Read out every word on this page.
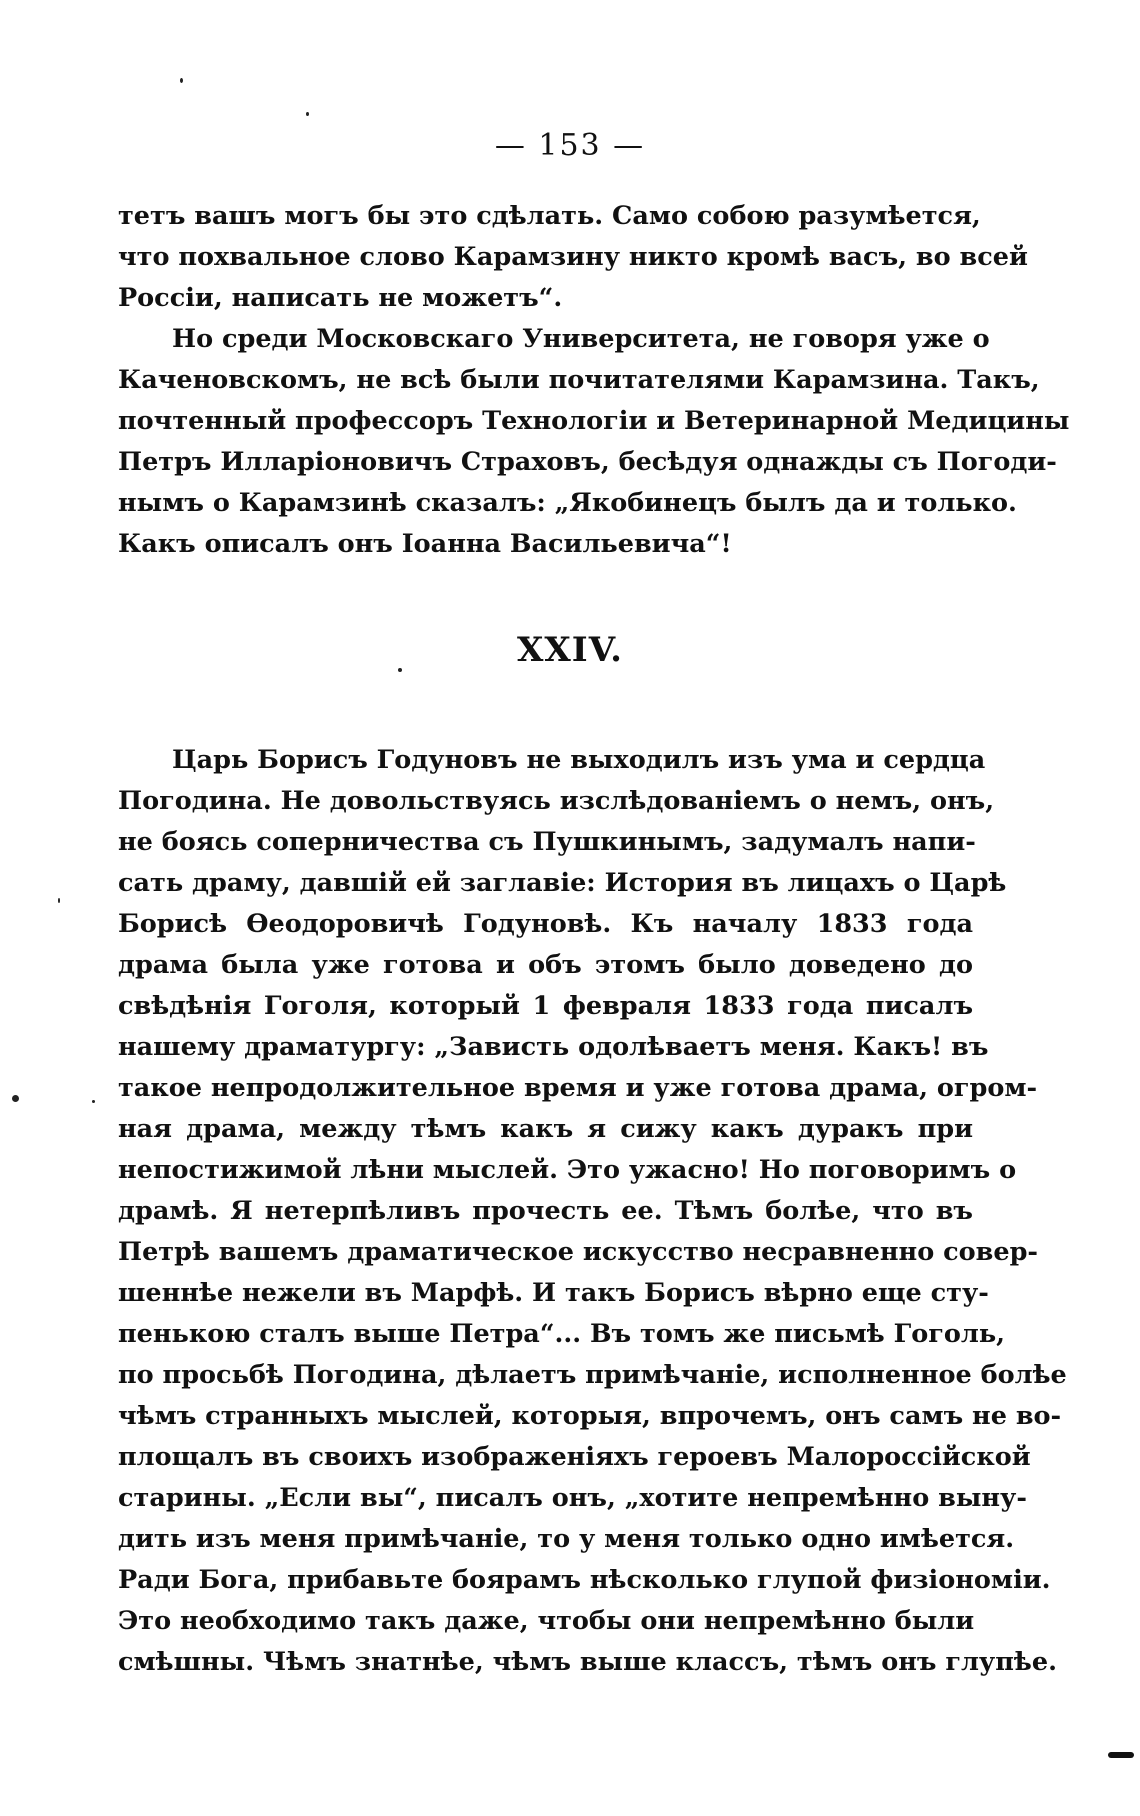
— 153 —
тетъ вашъ могъ бы это сдѣлать. Само собою разумѣется,
что похвальное слово Карамзину никто кромѣ васъ, во всей
Россіи, написать не можетъ“.
Но среди Московскаго Университета, не говоря уже о
Каченовскомъ, не всѣ были почитателями Карамзина. Такъ,
почтенный профессоръ Технологіи и Ветеринарной Медицины
Петръ Илларіоновичъ Страховъ, бесѣдуя однажды съ Погоди-
нымъ о Карамзинѣ сказалъ: „Якобинецъ былъ да и только.
Какъ описалъ онъ Іоанна Васильевича“!
XXIV.
Царь Борисъ Годуновъ не выходилъ изъ ума и сердца
Погодина. Не довольствуясь изслѣдованіемъ о немъ, онъ,
не боясь соперничества съ Пушкинымъ, задумалъ напи-
сать драму, давшій ей заглавіе: История въ лицахъ о Царѣ
Борисѣ Ѳеодоровичѣ Годуновѣ. Къ началу 1833 года
драма была уже готова и объ этомъ было доведено до
свѣдѣнія Гоголя, который 1 февраля 1833 года писалъ
нашему драматургу: „Зависть одолѣваетъ меня. Какъ! въ
такое непродолжительное время и уже готова драма, огром-
ная драма, между тѣмъ какъ я сижу какъ дуракъ при
непостижимой лѣни мыслей. Это ужасно! Но поговоримъ о
драмѣ. Я нетерпѣливъ прочесть ее. Тѣмъ болѣе, что въ
Петрѣ вашемъ драматическое искусство несравненно совер-
шеннѣе нежели въ Марфѣ. И такъ Борисъ вѣрно еще сту-
пенькою сталъ выше Петра“... Въ томъ же письмѣ Гоголь,
по просьбѣ Погодина, дѣлаетъ примѣчаніе, исполненное болѣе
чѣмъ странныхъ мыслей, которыя, впрочемъ, онъ самъ не во-
площалъ въ своихъ изображеніяхъ героевъ Малороссійской
старины. „Если вы“, писалъ онъ, „хотите непремѣнно выну-
дить изъ меня примѣчаніе, то у меня только одно имѣется.
Ради Бога, прибавьте боярамъ нѣсколько глупой физіономіи.
Это необходимо такъ даже, чтобы они непремѣнно были
смѣшны. Чѣмъ знатнѣе, чѣмъ выше классъ, тѣмъ онъ глупѣе.
